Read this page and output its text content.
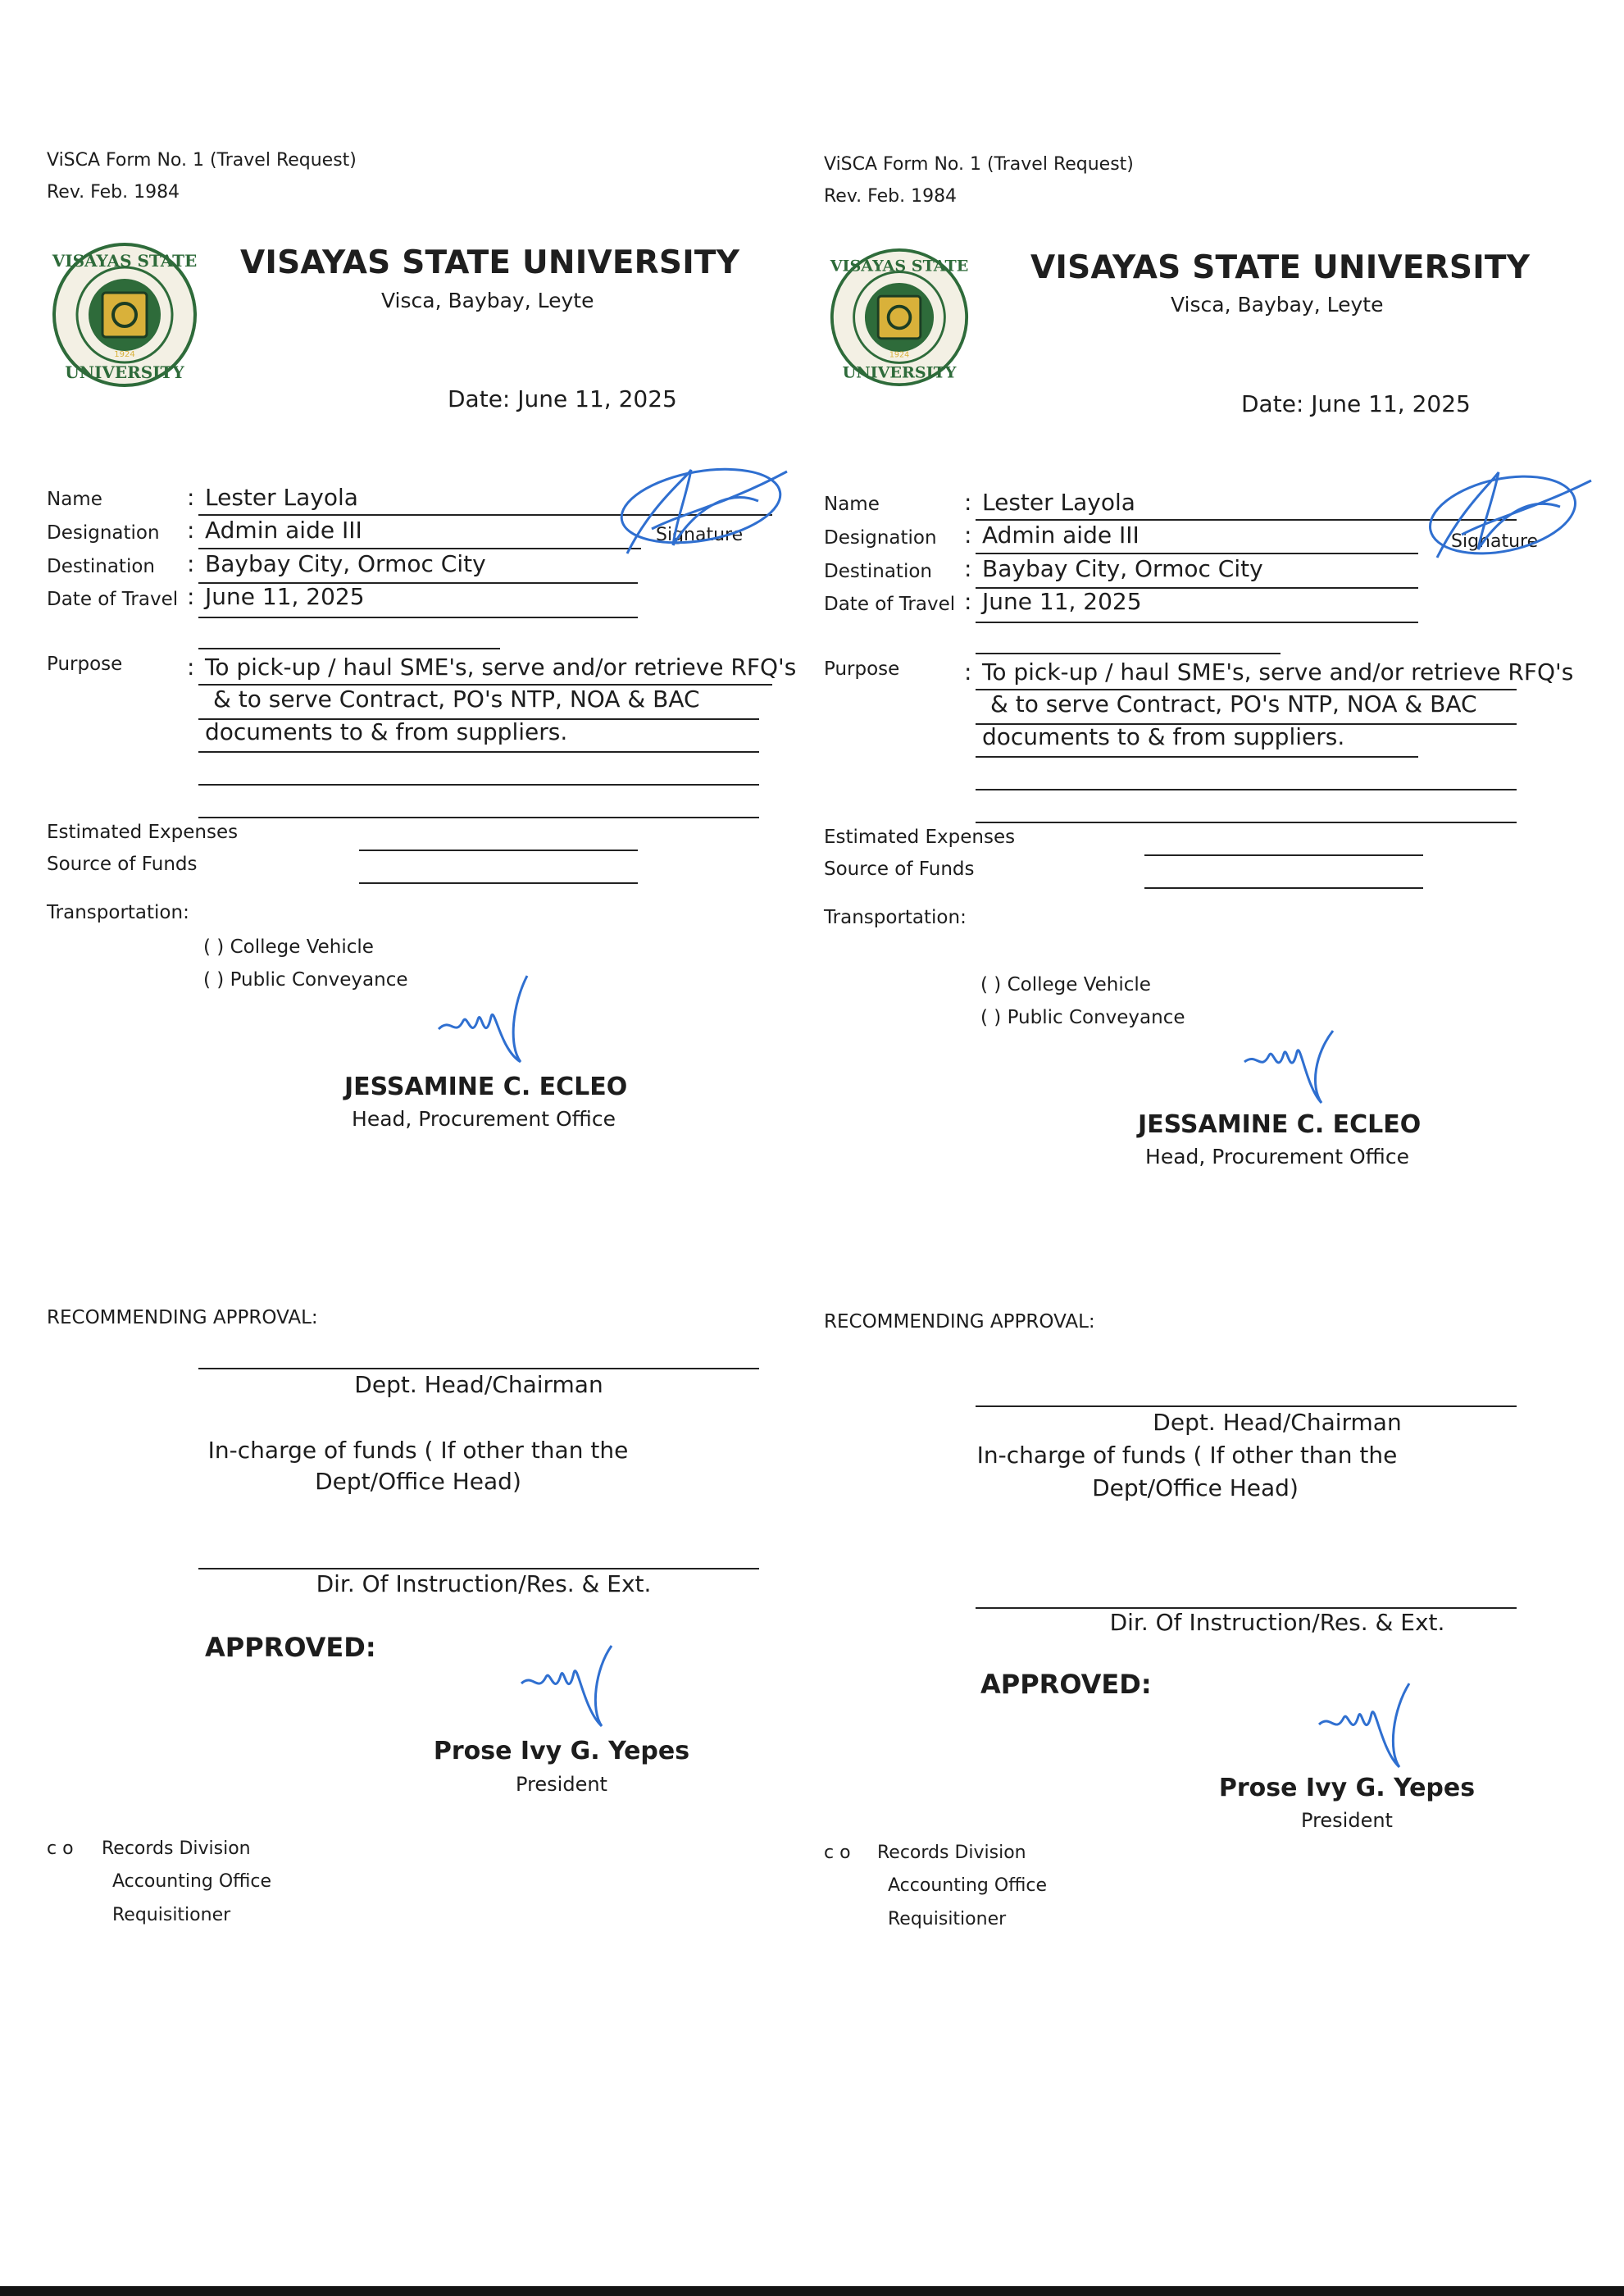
ViSCA Form No. 1 (Travel Request)
Rev. Feb. 1984
VISAYAS STATE
UNIVERSITY
1924
VISAYAS STATE UNIVERSITY
Visca, Baybay, Leyte
Date: June 11, 2025
Name	: Lester Layola
Designation : Admin aide III
Destination : Baybay City, Ormoc City
Date of Travel : June 11, 2025
Signature
Purpose	: To pick-up / haul SME's, serve and/or retrieve RFQ's
& to serve Contract, PO's NTP, NOA & BAC
documents to & from suppliers.
Estimated Expenses
Source of Funds
Transportation:
( ) College Vehicle
( ) Public Conveyance
JESSAMINE C. ECLEO
Head, Procurement Office
RECOMMENDING APPROVAL:
Dept. Head/Chairman
In-charge of funds ( If other than the
Dept/Office Head)
Dir. Of Instruction/Res. & Ext.
APPROVED:
Prose Ivy G. Yepes
President
c o Records Division
Accounting Office
Requisitioner
ViSCA Form No. 1 (Travel Request)
Rev. Feb. 1984
VISAYAS STATE
UNIVERSITY
1924
VISAYAS STATE UNIVERSITY
Visca, Baybay, Leyte
Date: June 11, 2025
Name	: Lester Layola
Designation : Admin aide III
Destination : Baybay City, Ormoc City
Date of Travel : June 11, 2025
Signature
Purpose	: To pick-up / haul SME's, serve and/or retrieve RFQ's
& to serve Contract, PO's NTP, NOA & BAC
documents to & from suppliers.
Estimated Expenses
Source of Funds
Transportation:
( ) College Vehicle
( ) Public Conveyance
JESSAMINE C. ECLEO
Head, Procurement Office
RECOMMENDING APPROVAL:
Dept. Head/Chairman
In-charge of funds ( If other than the
Dept/Office Head)
Dir. Of Instruction/Res. & Ext.
APPROVED:
Prose Ivy G. Yepes
President
c o Records Division
Accounting Office
Requisitioner
